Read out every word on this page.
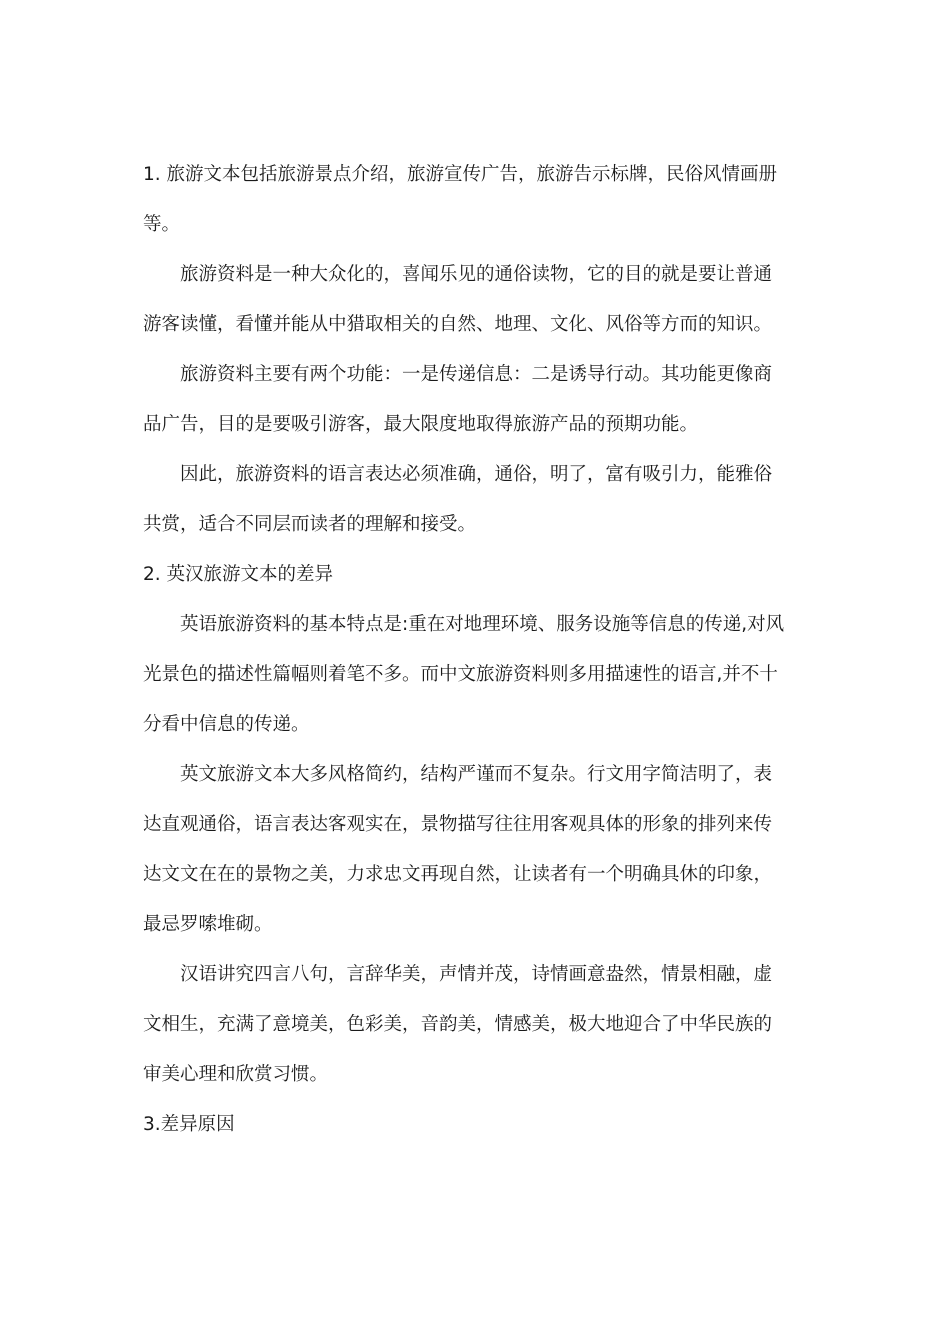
1. 旅游文本包括旅游景点介绍，旅游宣传广告，旅游告示标牌，民俗风情画册
等。
旅游资料是一种大众化的，喜闻乐见的通俗读物，它的目的就是要让普通
游客读懂，看懂并能从中猎取相关的自然、地理、文化、风俗等方而的知识。
旅游资料主要有两个功能：一是传递信息：二是诱导行动。其功能更像商
品广告，目的是要吸引游客，最大限度地取得旅游产品的预期功能。
因此，旅游资料的语言表达必须准确，通俗，明了，富有吸引力，能雅俗
共赏，适合不同层而读者的理解和接受。
2. 英汉旅游文本的差异
英语旅游资料的基本特点是:重在对地理环境、服务设施等信息的传递,对风
光景色的描述性篇幅则着笔不多。而中文旅游资料则多用描速性的语言,并不十
分看中信息的传递。
英文旅游文本大多风格简约，结构严谨而不复杂。行文用字简洁明了，表
达直观通俗，语言表达客观实在，景物描写往往用客观具体的形象的排列来传
达文文在在的景物之美，力求忠文再现自然，让读者有一个明确具休的印象，
最忌罗嗦堆砌。
汉语讲究四言八句，言辞华美，声情并茂，诗情画意盎然，情景相融，虚
文相生，充满了意境美，色彩美，音韵美，情感美，极大地迎合了中华民族的
审美心理和欣赏习惯。
3.差异原因
